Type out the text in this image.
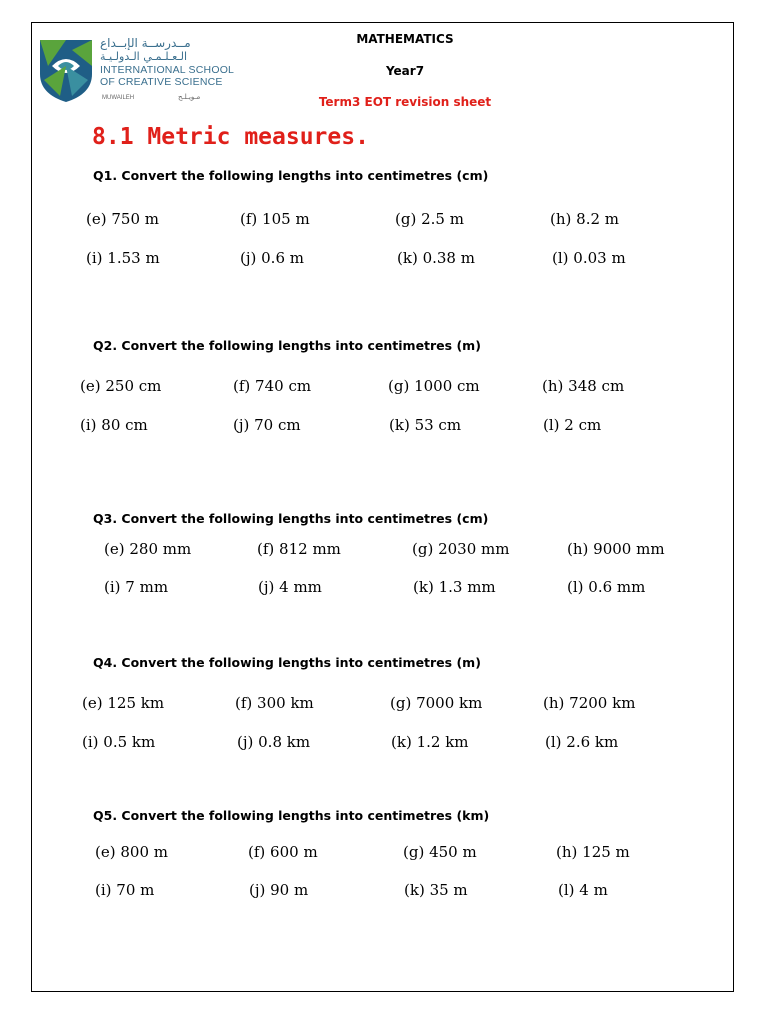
مــدرســة الإبــداع
الـعـلـمـي الـدولـيـة
INTERNATIONAL SCHOOL
OF CREATIVE SCIENCE
MUWAILEH	مـويـلـح
MATHEMATICS
Year7
Term3 EOT revision sheet
8.1 Metric measures.
Q1. Convert the following lengths into centimetres (cm)
(e) 750 m	(f) 105 m	(g) 2.5 m	(h) 8.2 m
(i) 1.53 m	(j) 0.6 m	(k) 0.38 m	(l) 0.03 m
Q2. Convert the following lengths into centimetres (m)
(e) 250 cm	(f) 740 cm	(g) 1000 cm	(h) 348 cm
(i) 80 cm	(j) 70 cm	(k) 53 cm	(l) 2 cm
Q3. Convert the following lengths into centimetres (cm)
(e) 280 mm	(f) 812 mm	(g) 2030 mm	(h) 9000 mm
(i) 7 mm	(j) 4 mm	(k) 1.3 mm	(l) 0.6 mm
Q4. Convert the following lengths into centimetres (m)
(e) 125 km	(f) 300 km	(g) 7000 km	(h) 7200 km
(i) 0.5 km	(j) 0.8 km	(k) 1.2 km	(l) 2.6 km
Q5. Convert the following lengths into centimetres (km)
(e) 800 m	(f) 600 m	(g) 450 m	(h) 125 m
(i) 70 m	(j) 90 m	(k) 35 m	(l) 4 m
